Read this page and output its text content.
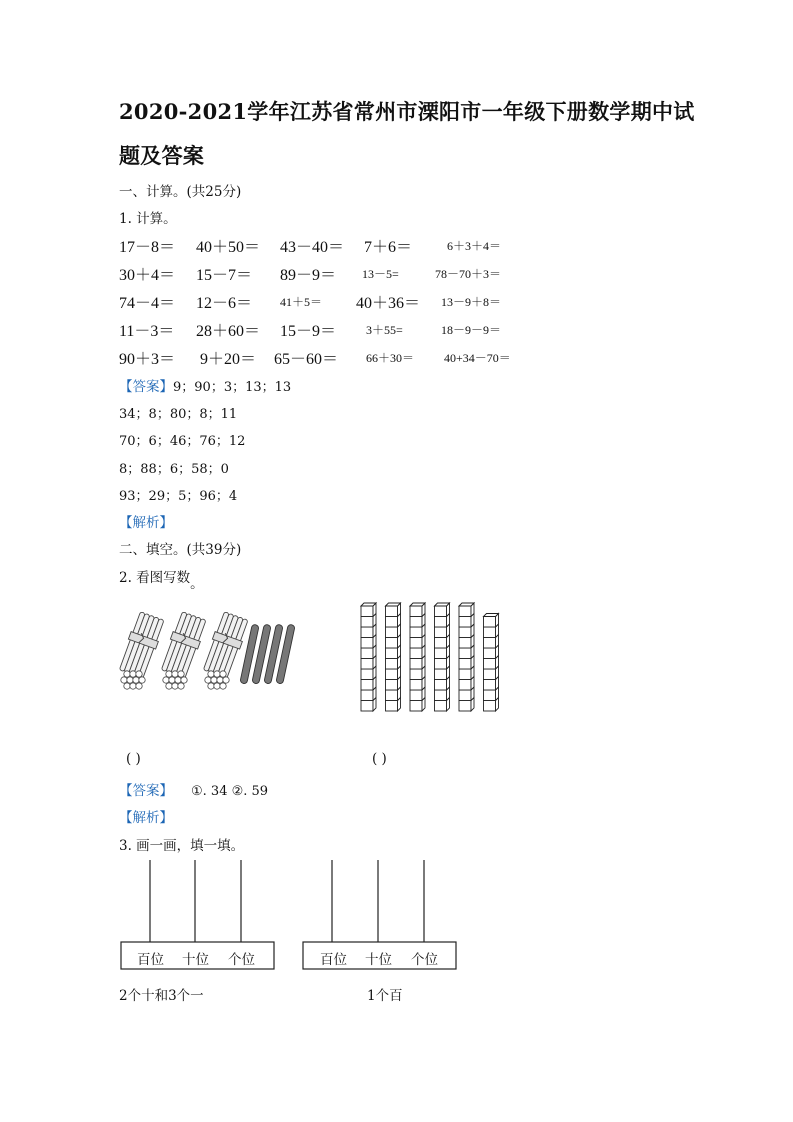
2020-2021学年江苏省常州市溧阳市一年级下册数学期中试
题及答案
一、计算。(共25分)
1. 计算。
17－8＝ 40＋50＝ 43－40＝ 7＋6＝	6＋3＋4＝
30＋4＝ 15－7＝ 89－9＝ 13－5=	78－70＋3＝
74－4＝ 12－6＝ 41＋5＝ 40＋36＝ 13－9＋8＝
11－3＝ 28＋60＝ 15－9＝ 3＋55=	18－9－9＝
90＋3＝ 9＋20＝ 65－60＝ 66＋30＝ 40+34－70＝
【答案】9；90；3；13；13
34；8；80；8；11
70；6；46；76；12
8；88；6；58；0
93；29；5；96；4
【解析】
二、填空。(共39分)
2. 看图写数。
( )	( )
【答案】 ①. 34 ②. 59
【解析】
3. 画一画，填一填。
百位 十位 个位
2个十和3个一
百位 十位 个位
1个百
